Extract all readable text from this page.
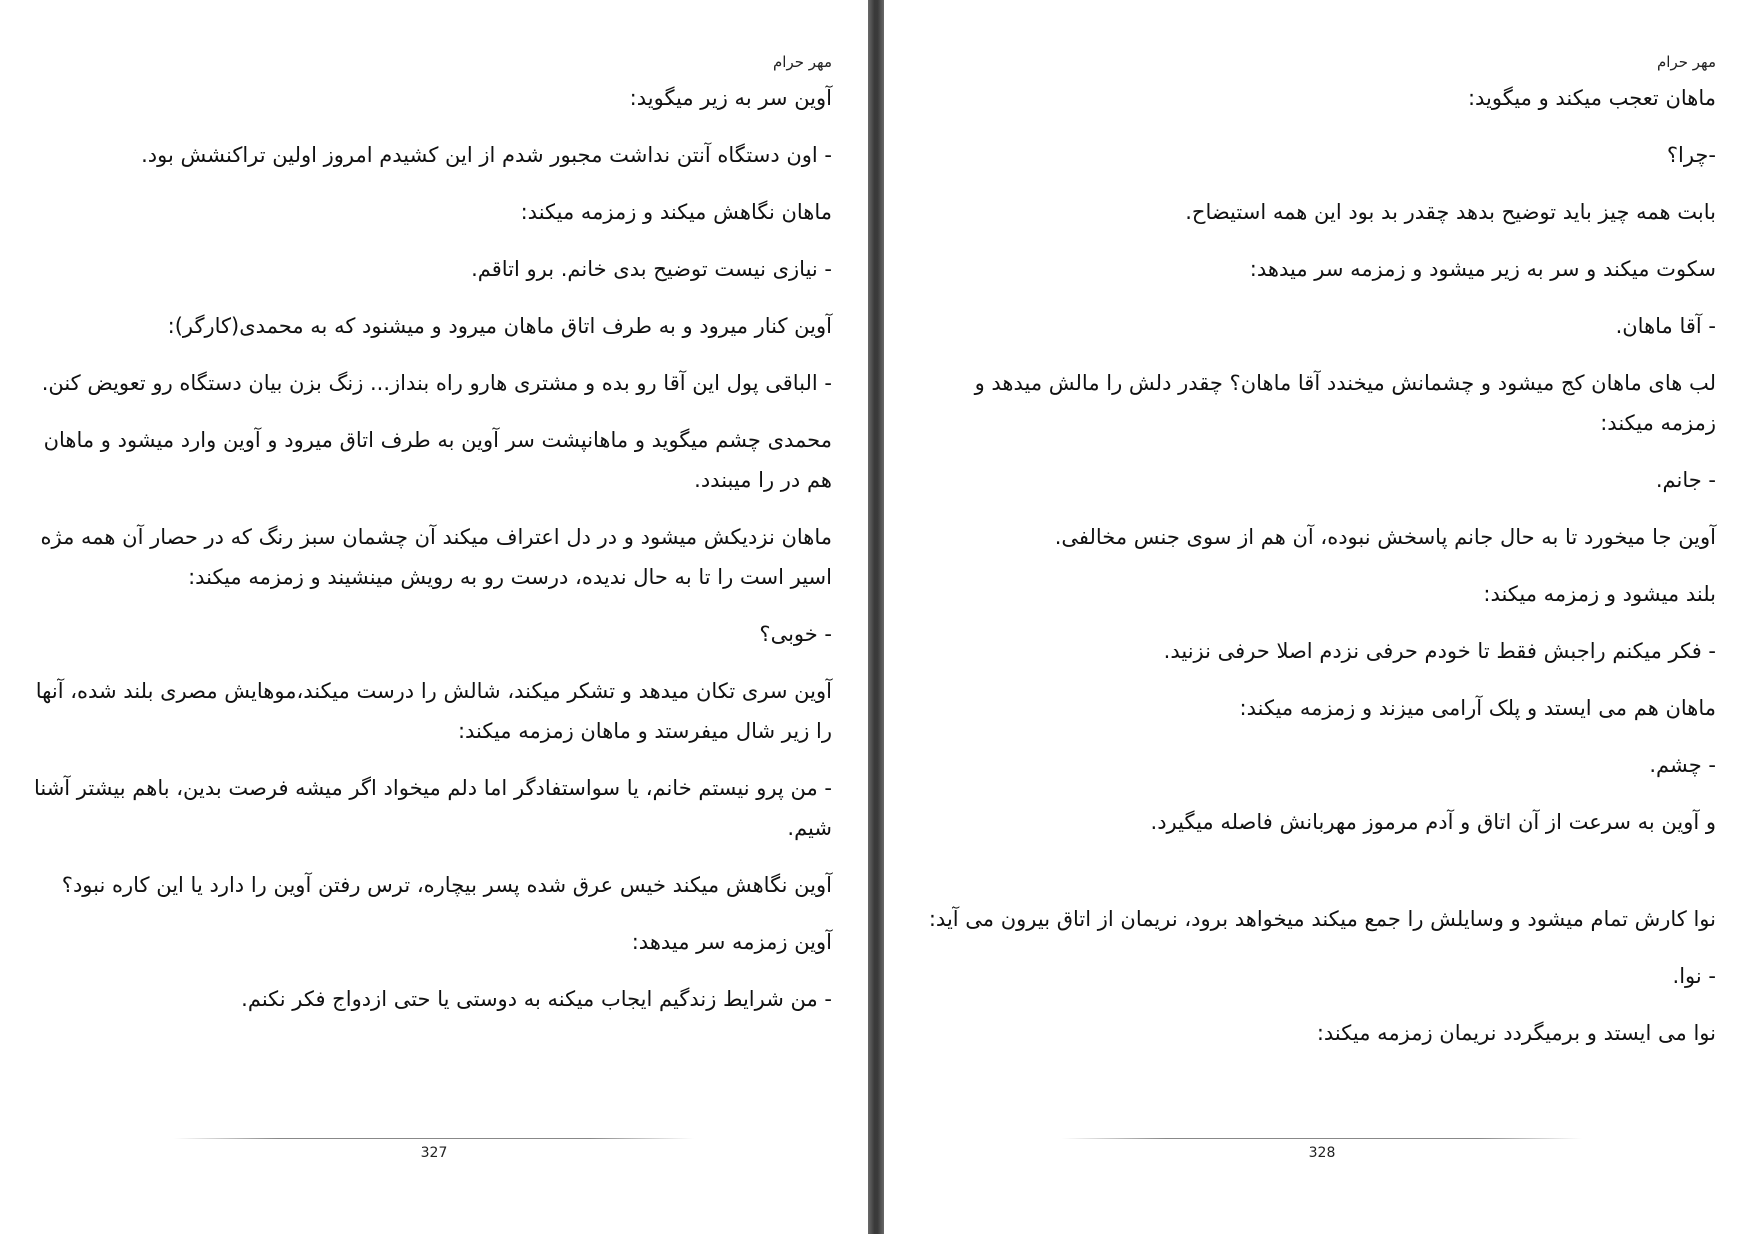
مهر حرام

آوین سر به زیر میگوید:

- اون دستگاه آنتن نداشت مجبور شدم از این کشیدم امروز اولین تراکنشش بود.

ماهان نگاهش میکند و زمزمه میکند:

- نیازی نیست توضیح بدی خانم. برو اتاقم.

آوین کنار میرود و به طرف اتاق ماهان میرود و میشنود که به محمدی(کارگر):

- الباقی پول این آقا رو بده و مشتری هارو راه بنداز... زنگ بزن بیان دستگاه رو تعویض کنن.

محمدی چشم میگوید و ماهانپشت سر آوین به طرف اتاق میرود و آوین وارد میشود و ماهان هم در را میبندد.

ماهان نزدیکش میشود و در دل اعتراف میکند آن چشمان سبز رنگ که در حصار آن همه مژه اسیر است را تا به حال ندیده، درست رو به رویش مینشیند و زمزمه میکند:

- خوبی؟

آوین سری تکان میدهد و تشکر میکند، شالش را درست میکند،موهایش مصری بلند شده، آنها را زیر شال میفرستد و ماهان زمزمه میکند:

- من پرو نیستم خانم، یا سواستفادگر اما دلم میخواد اگر میشه فرصت بدین، باهم بیشتر آشنا شیم.

آوین نگاهش میکند خیس عرق شده پسر بیچاره، ترس رفتن آوین را دارد یا این کاره نبود؟

آوین زمزمه سر میدهد:

- من شرایط زندگیم ایجاب میکنه به دوستی یا حتی ازدواج فکر نکنم.

327
مهر حرام

ماهان تعجب میکند و میگوید:

-چرا؟

بابت همه چیز باید توضیح بدهد چقدر بد بود این همه استیضاح.

سکوت میکند و سر به زیر میشود و زمزمه سر میدهد:

- آقا ماهان.

لب های ماهان کج میشود و چشمانش میخندد آقا ماهان؟ چقدر دلش را مالش میدهد و زمزمه میکند:

- جانم.

آوین جا میخورد تا به حال جانم پاسخش نبوده، آن هم از سوی جنس مخالفی.

بلند میشود و زمزمه میکند:

- فکر میکنم راجبش فقط تا خودم حرفی نزدم اصلا حرفی نزنید.

ماهان هم می ایستد و پلک آرامی میزند و زمزمه میکند:

- چشم.

و آوین به سرعت از آن اتاق و آدم مرموز مهربانش فاصله میگیرد.

نوا کارش تمام میشود و وسایلش را جمع میکند میخواهد برود، نریمان از اتاق بیرون می آید:

- نوا.

نوا می ایستد و برمیگردد نریمان زمزمه میکند:

328
